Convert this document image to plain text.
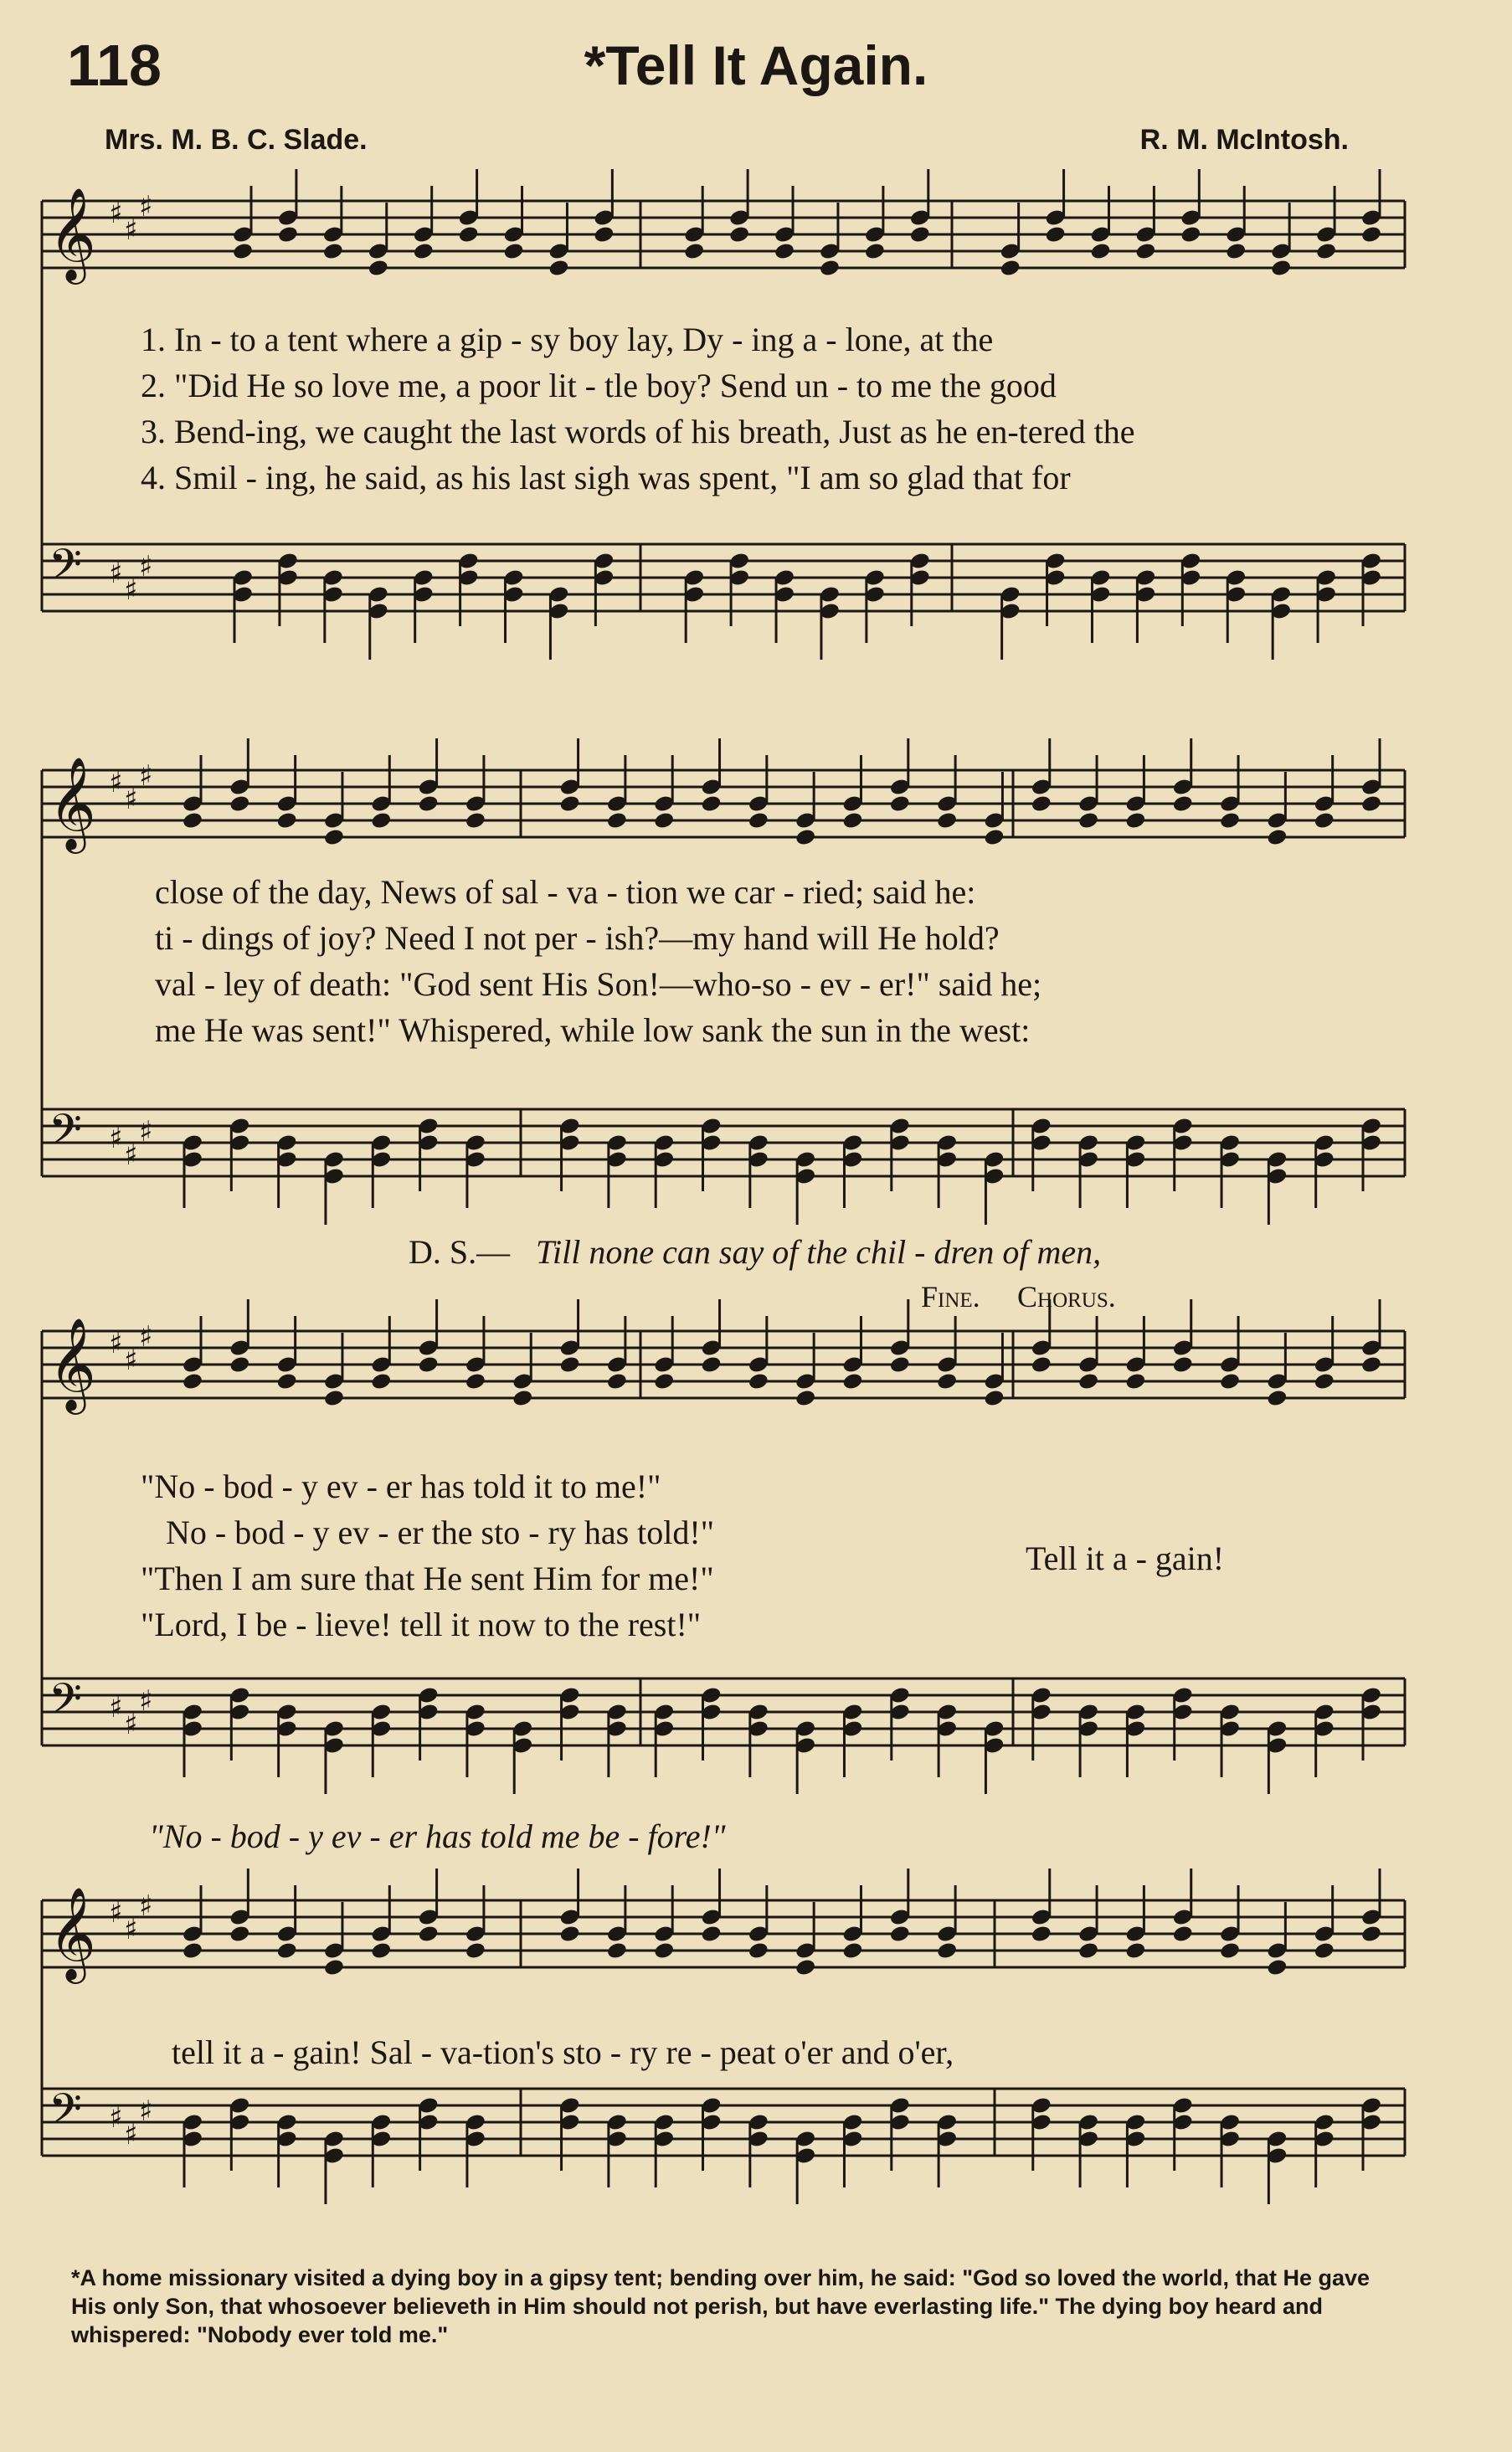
118	*Tell It Again.
Mrs. M. B. C. Slade.	R. M. McIntosh.
𝄞 ♯ ♯
♯
𝄢 ♯ ♯
♯
𝄞 ♯ ♯
♯
𝄢 ♯ ♯
♯
𝄞 ♯ ♯
♯
𝄢 ♯ ♯
♯
𝄞 ♯ ♯
♯
𝄢 ♯ ♯
♯
1. In - to a tent where a gip - sy boy lay, Dy - ing a - lone, at the
2. "Did He so love me, a poor lit - tle boy? Send un - to me the good
3. Bend-ing, we caught the last words of his breath, Just as he en-tered the
4. Smil - ing, he said, as his last sigh was spent, "I am so glad that for
close of the day, News of sal - va - tion we car - ried; said he:
ti - dings of joy? Need I not per - ish?—my hand will He hold?
val - ley of death: "God sent His Son!—who-so - ev - er!" said he;
me He was sent!" Whispered, while low sank the sun in the west:
D. S.— Till none can say of the chil - dren of men,
Fine. Chorus.
"No - bod - y ev - er has told it to me!"
No - bod - y ev - er the sto - ry has told!"
"Then I am sure that He sent Him for me!"
"Lord, I be - lieve! tell it now to the rest!"
Tell it a - gain!
"No - bod - y ev - er has told me be - fore!"
tell it a - gain! Sal - va-tion's sto - ry re - peat o'er and o'er,
*A home missionary visited a dying boy in a gipsy tent; bending over him, he said: "God so loved the world, that He gave His only Son, that whosoever believeth in Him should not perish, but have everlasting life." The dying boy heard and whispered: "Nobody ever told me."
